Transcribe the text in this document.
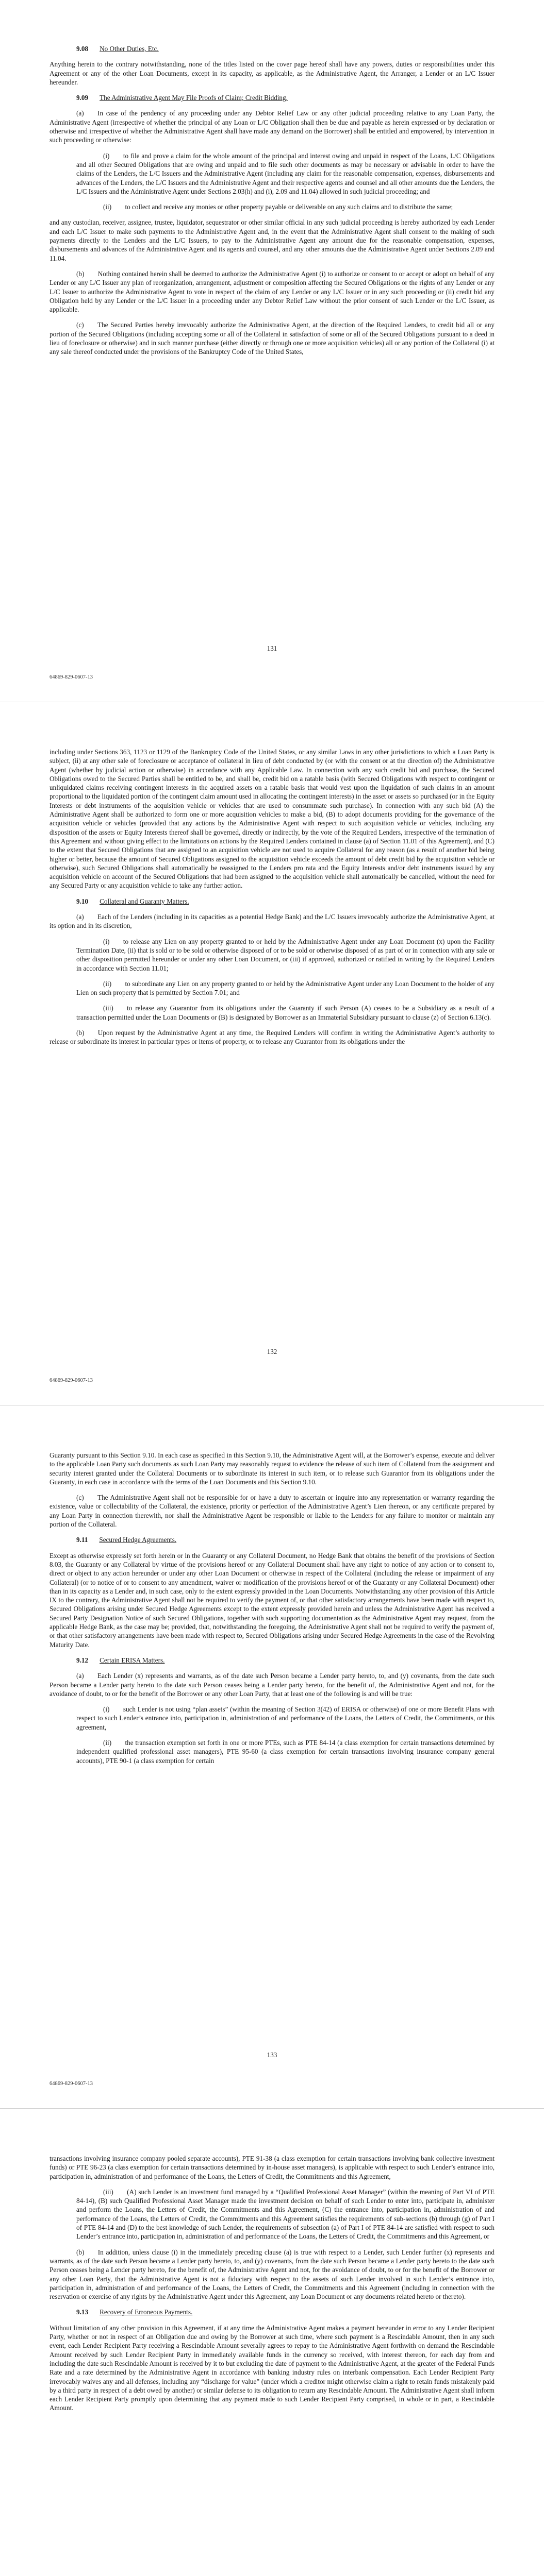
9.08 No Other Duties, Etc.

Anything herein to the contrary notwithstanding, none of the titles listed on the cover page hereof shall have any powers, duties or responsibilities under this Agreement or any of the other Loan Documents, except in its capacity, as applicable, as the Administrative Agent, the Arranger, a Lender or an L/C Issuer hereunder.

9.09 The Administrative Agent May File Proofs of Claim; Credit Bidding.

(a)  In case of the pendency of any proceeding under any Debtor Relief Law or any other judicial proceeding relative to any Loan Party, the Administrative Agent (irrespective of whether the principal of any Loan or L/C Obligation shall then be due and payable as herein expressed or by declaration or otherwise and irrespective of whether the Administrative Agent shall have made any demand on the Borrower) shall be entitled and empowered, by intervention in such proceeding or otherwise:

(i)  to file and prove a claim for the whole amount of the principal and interest owing and unpaid in respect of the Loans, L/C Obligations and all other Secured Obligations that are owing and unpaid and to file such other documents as may be necessary or advisable in order to have the claims of the Lenders, the L/C Issuers and the Administrative Agent (including any claim for the reasonable compensation, expenses, disbursements and advances of the Lenders, the L/C Issuers and the Administrative Agent and their respective agents and counsel and all other amounts due the Lenders, the L/C Issuers and the Administrative Agent under Sections 2.03(h) and (i), 2.09 and 11.04) allowed in such judicial proceeding; and

(ii)  to collect and receive any monies or other property payable or deliverable on any such claims and to distribute the same;

and any custodian, receiver, assignee, trustee, liquidator, sequestrator or other similar official in any such judicial proceeding is hereby authorized by each Lender and each L/C Issuer to make such payments to the Administrative Agent and, in the event that the Administrative Agent shall consent to the making of such payments directly to the Lenders and the L/C Issuers, to pay to the Administrative Agent any amount due for the reasonable compensation, expenses, disbursements and advances of the Administrative Agent and its agents and counsel, and any other amounts due the Administrative Agent under Sections 2.09 and 11.04.

(b)  Nothing contained herein shall be deemed to authorize the Administrative Agent (i) to authorize or consent to or accept or adopt on behalf of any Lender or any L/C Issuer any plan of reorganization, arrangement, adjustment or composition affecting the Secured Obligations or the rights of any Lender or any L/C Issuer to authorize the Administrative Agent to vote in respect of the claim of any Lender or any L/C Issuer or in any such proceeding or (ii) credit bid any Obligation held by any Lender or the L/C Issuer in a proceeding under any Debtor Relief Law without the prior consent of such Lender or the L/C Issuer, as applicable.

(c)  The Secured Parties hereby irrevocably authorize the Administrative Agent, at the direction of the Required Lenders, to credit bid all or any portion of the Secured Obligations (including accepting some or all of the Collateral in satisfaction of some or all of the Secured Obligations pursuant to a deed in lieu of foreclosure or otherwise) and in such manner purchase (either directly or through one or more acquisition vehicles) all or any portion of the Collateral (i) at any sale thereof conducted under the provisions of the Bankruptcy Code of the United States,

131
64869-829-0607-13

including under Sections 363, 1123 or 1129 of the Bankruptcy Code of the United States, or any similar Laws in any other jurisdictions to which a Loan Party is subject, (ii) at any other sale of foreclosure or acceptance of collateral in lieu of debt conducted by (or with the consent or at the direction of) the Administrative Agent (whether by judicial action or otherwise) in accordance with any Applicable Law. In connection with any such credit bid and purchase, the Secured Obligations owed to the Secured Parties shall be entitled to be, and shall be, credit bid on a ratable basis (with Secured Obligations with respect to contingent or unliquidated claims receiving contingent interests in the acquired assets on a ratable basis that would vest upon the liquidation of such claims in an amount proportional to the liquidated portion of the contingent claim amount used in allocating the contingent interests) in the asset or assets so purchased (or in the Equity Interests or debt instruments of the acquisition vehicle or vehicles that are used to consummate such purchase). In connection with any such bid (A) the Administrative Agent shall be authorized to form one or more acquisition vehicles to make a bid, (B) to adopt documents providing for the governance of the acquisition vehicle or vehicles (provided that any actions by the Administrative Agent with respect to such acquisition vehicle or vehicles, including any disposition of the assets or Equity Interests thereof shall be governed, directly or indirectly, by the vote of the Required Lenders, irrespective of the termination of this Agreement and without giving effect to the limitations on actions by the Required Lenders contained in clause (a) of Section 11.01 of this Agreement), and (C) to the extent that Secured Obligations that are assigned to an acquisition vehicle are not used to acquire Collateral for any reason (as a result of another bid being higher or better, because the amount of Secured Obligations assigned to the acquisition vehicle exceeds the amount of debt credit bid by the acquisition vehicle or otherwise), such Secured Obligations shall automatically be reassigned to the Lenders pro rata and the Equity Interests and/or debt instruments issued by any acquisition vehicle on account of the Secured Obligations that had been assigned to the acquisition vehicle shall automatically be cancelled, without the need for any Secured Party or any acquisition vehicle to take any further action.

9.10 Collateral and Guaranty Matters.

(a)  Each of the Lenders (including in its capacities as a potential Hedge Bank) and the L/C Issuers irrevocably authorize the Administrative Agent, at its option and in its discretion,

(i)  to release any Lien on any property granted to or held by the Administrative Agent under any Loan Document (x) upon the Facility Termination Date, (ii) that is sold or to be sold or otherwise disposed of or to be sold or otherwise disposed of as part of or in connection with any sale or other disposition permitted hereunder or under any other Loan Document, or (iii) if approved, authorized or ratified in writing by the Required Lenders in accordance with Section 11.01;

(ii)  to subordinate any Lien on any property granted to or held by the Administrative Agent under any Loan Document to the holder of any Lien on such property that is permitted by Section 7.01; and

(iii)  to release any Guarantor from its obligations under the Guaranty if such Person (A) ceases to be a Subsidiary as a result of a transaction permitted under the Loan Documents or (B) is designated by Borrower as an Immaterial Subsidiary pursuant to clause (z) of Section 6.13(c).

(b)  Upon request by the Administrative Agent at any time, the Required Lenders will confirm in writing the Administrative Agent’s authority to release or subordinate its interest in particular types or items of property, or to release any Guarantor from its obligations under the

132
64869-829-0607-13

Guaranty pursuant to this Section 9.10. In each case as specified in this Section 9.10, the Administrative Agent will, at the Borrower’s expense, execute and deliver to the applicable Loan Party such documents as such Loan Party may reasonably request to evidence the release of such item of Collateral from the assignment and security interest granted under the Collateral Documents or to subordinate its interest in such item, or to release such Guarantor from its obligations under the Guaranty, in each case in accordance with the terms of the Loan Documents and this Section 9.10.

(c)  The Administrative Agent shall not be responsible for or have a duty to ascertain or inquire into any representation or warranty regarding the existence, value or collectability of the Collateral, the existence, priority or perfection of the Administrative Agent’s Lien thereon, or any certificate prepared by any Loan Party in connection therewith, nor shall the Administrative Agent be responsible or liable to the Lenders for any failure to monitor or maintain any portion of the Collateral.

9.11 Secured Hedge Agreements.

Except as otherwise expressly set forth herein or in the Guaranty or any Collateral Document, no Hedge Bank that obtains the benefit of the provisions of Section 8.03, the Guaranty or any Collateral by virtue of the provisions hereof or any Collateral Document shall have any right to notice of any action or to consent to, direct or object to any action hereunder or under any other Loan Document or otherwise in respect of the Collateral (including the release or impairment of any Collateral) (or to notice of or to consent to any amendment, waiver or modification of the provisions hereof or of the Guaranty or any Collateral Document) other than in its capacity as a Lender and, in such case, only to the extent expressly provided in the Loan Documents. Notwithstanding any other provision of this Article IX to the contrary, the Administrative Agent shall not be required to verify the payment of, or that other satisfactory arrangements have been made with respect to, Secured Obligations arising under Secured Hedge Agreements except to the extent expressly provided herein and unless the Administrative Agent has received a Secured Party Designation Notice of such Secured Obligations, together with such supporting documentation as the Administrative Agent may request, from the applicable Hedge Bank, as the case may be; provided, that, notwithstanding the foregoing, the Administrative Agent shall not be required to verify the payment of, or that other satisfactory arrangements have been made with respect to, Secured Obligations arising under Secured Hedge Agreements in the case of the Revolving Maturity Date.

9.12 Certain ERISA Matters.

(a)  Each Lender (x) represents and warrants, as of the date such Person became a Lender party hereto, to, and (y) covenants, from the date such Person became a Lender party hereto to the date such Person ceases being a Lender party hereto, for the benefit of, the Administrative Agent and not, for the avoidance of doubt, to or for the benefit of the Borrower or any other Loan Party, that at least one of the following is and will be true:

(i)  such Lender is not using “plan assets” (within the meaning of Section 3(42) of ERISA or otherwise) of one or more Benefit Plans with respect to such Lender’s entrance into, participation in, administration of and performance of the Loans, the Letters of Credit, the Commitments, or this agreement,

(ii)  the transaction exemption set forth in one or more PTEs, such as PTE 84-14 (a class exemption for certain transactions determined by independent qualified professional asset managers), PTE 95-60 (a class exemption for certain transactions involving insurance company general accounts), PTE 90-1 (a class exemption for certain

133
64869-829-0607-13

transactions involving insurance company pooled separate accounts), PTE 91-38 (a class exemption for certain transactions involving bank collective investment funds) or PTE 96-23 (a class exemption for certain transactions determined by in-house asset managers), is applicable with respect to such Lender’s entrance into, participation in, administration of and performance of the Loans, the Letters of Credit, the Commitments and this Agreement,

(iii)  (A) such Lender is an investment fund managed by a “Qualified Professional Asset Manager” (within the meaning of Part VI of PTE 84-14), (B) such Qualified Professional Asset Manager made the investment decision on behalf of such Lender to enter into, participate in, administer and perform the Loans, the Letters of Credit, the Commitments and this Agreement, (C) the entrance into, participation in, administration of and performance of the Loans, the Letters of Credit, the Commitments and this Agreement satisfies the requirements of sub-sections (b) through (g) of Part I of PTE 84-14 and (D) to the best knowledge of such Lender, the requirements of subsection (a) of Part I of PTE 84-14 are satisfied with respect to such Lender’s entrance into, participation in, administration of and performance of the Loans, the Letters of Credit, the Commitments and this Agreement, or

(b)  In addition, unless clause (i) in the immediately preceding clause (a) is true with respect to a Lender, such Lender further (x) represents and warrants, as of the date such Person became a Lender party hereto, to, and (y) covenants, from the date such Person became a Lender party hereto to the date such Person ceases being a Lender party hereto, for the benefit of, the Administrative Agent and not, for the avoidance of doubt, to or for the benefit of the Borrower or any other Loan Party, that the Administrative Agent is not a fiduciary with respect to the assets of such Lender involved in such Lender’s entrance into, participation in, administration of and performance of the Loans, the Letters of Credit, the Commitments and this Agreement (including in connection with the reservation or exercise of any rights by the Administrative Agent under this Agreement, any Loan Document or any documents related hereto or thereto).

9.13 Recovery of Erroneous Payments.

Without limitation of any other provision in this Agreement, if at any time the Administrative Agent makes a payment hereunder in error to any Lender Recipient Party, whether or not in respect of an Obligation due and owing by the Borrower at such time, where such payment is a Rescindable Amount, then in any such event, each Lender Recipient Party receiving a Rescindable Amount severally agrees to repay to the Administrative Agent forthwith on demand the Rescindable Amount received by such Lender Recipient Party in immediately available funds in the currency so received, with interest thereon, for each day from and including the date such Rescindable Amount is received by it to but excluding the date of payment to the Administrative Agent, at the greater of the Federal Funds Rate and a rate determined by the Administrative Agent in accordance with banking industry rules on interbank compensation. Each Lender Recipient Party irrevocably waives any and all defenses, including any “discharge for value” (under which a creditor might otherwise claim a right to retain funds mistakenly paid by a third party in respect of a debt owed by another) or similar defense to its obligation to return any Rescindable Amount. The Administrative Agent shall inform each Lender Recipient Party promptly upon determining that any payment made to such Lender Recipient Party comprised, in whole or in part, a Rescindable Amount.
